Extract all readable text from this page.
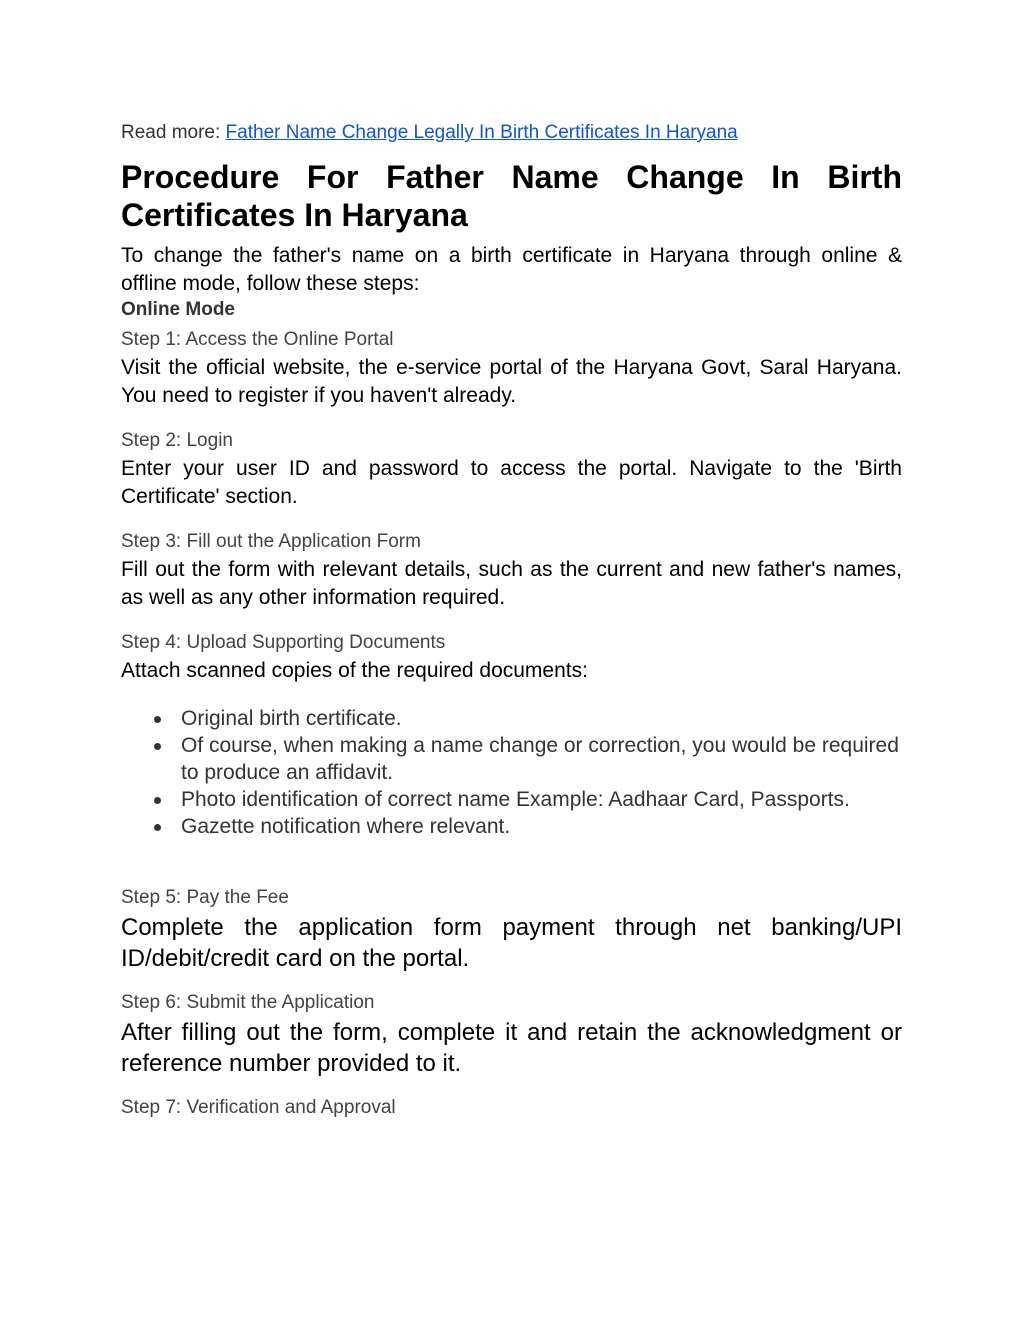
Read more: Father Name Change Legally In Birth Certificates In Haryana

Procedure For Father Name Change In Birth Certificates In Haryana

To change the father's name on a birth certificate in Haryana through online & offline mode, follow these steps:

Online Mode

Step 1: Access the Online Portal

Visit the official website, the e-service portal of the Haryana Govt, Saral Haryana. You need to register if you haven't already.

Step 2: Login

Enter your user ID and password to access the portal. Navigate to the 'Birth Certificate' section.

Step 3: Fill out the Application Form

Fill out the form with relevant details, such as the current and new father's names, as well as any other information required.

Step 4: Upload Supporting Documents

Attach scanned copies of the required documents:

Original birth certificate.
Of course, when making a name change or correction, you would be required to produce an affidavit.
Photo identification of correct name Example: Aadhaar Card, Passports.
Gazette notification where relevant.

Step 5: Pay the Fee

Complete the application form payment through net banking/UPI ID/debit/credit card on the portal.

Step 6: Submit the Application

After filling out the form, complete it and retain the acknowledgment or reference number provided to it.

Step 7: Verification and Approval
